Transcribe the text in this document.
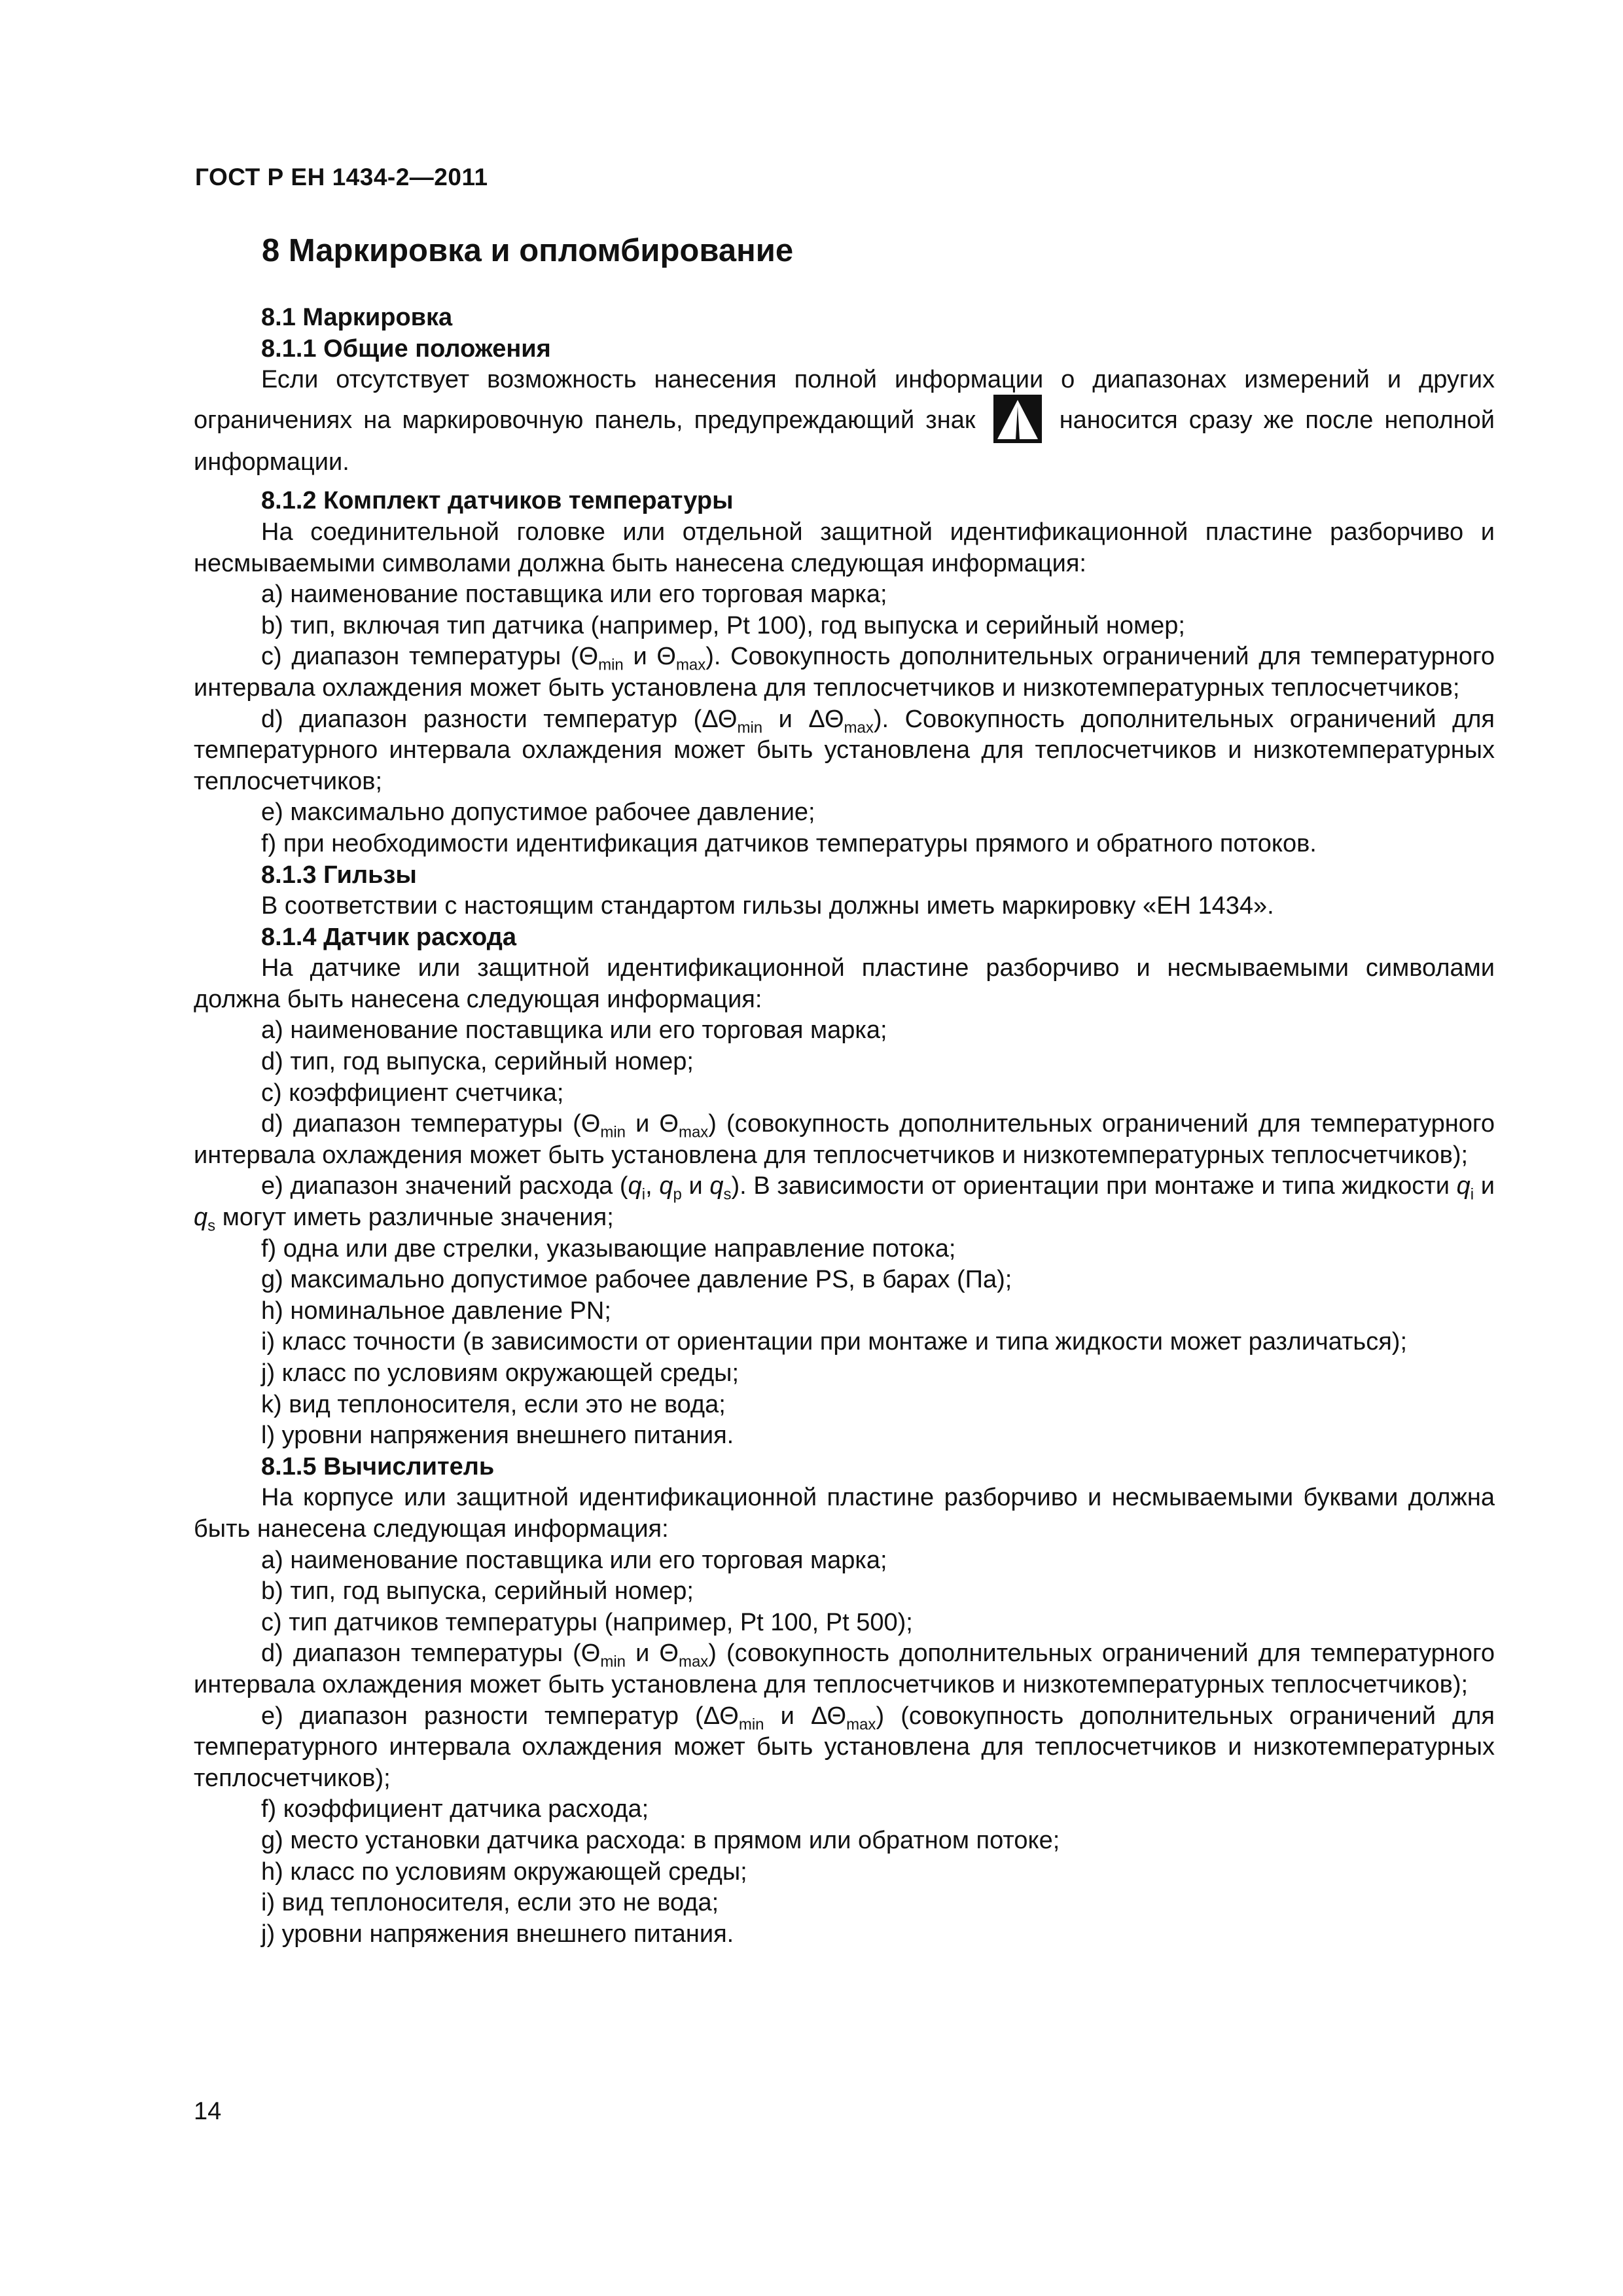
ГОСТ Р ЕН 1434-2—2011
8 Маркировка и опломбирование

8.1 Маркировка

8.1.1 Общие положения

Если отсутствует возможность нанесения полной информации о диапазонах измерений и других ограничениях на маркировочную панель, предупреждающий знак	наносится сразу же после неполной информации.

8.1.2 Комплект датчиков температуры

На соединительной головке или отдельной защитной идентификационной пластине разборчиво и несмываемыми символами должна быть нанесена следующая информация:

а) наименование поставщика или его торговая марка;

b) тип, включая тип датчика (например, Pt 100), год выпуска и серийный номер;

с) диапазон температуры ($\Theta_{min}$ и $\Theta_{max}$). Совокупность дополнительных ограничений для температурного интервала охлаждения может быть установлена для теплосчетчиков и низкотемпературных теплосчетчиков;

d) диапазон разности температур ($\Delta\Theta_{min}$ и $\Delta\Theta_{max}$). Совокупность дополнительных ограничений для температурного интервала охлаждения может быть установлена для теплосчетчиков и низкотемпературных теплосчетчиков;

е) максимально допустимое рабочее давление;

f) при необходимости идентификация датчиков температуры прямого и обратного потоков.

8.1.3 Гильзы

В соответствии с настоящим стандартом гильзы должны иметь маркировку «ЕН 1434».

8.1.4 Датчик расхода

На датчике или защитной идентификационной пластине разборчиво и несмываемыми символами должна быть нанесена следующая информация:

а) наименование поставщика или его торговая марка;

d) тип, год выпуска, серийный номер;

с) коэффициент счетчика;

d) диапазон температуры ($\Theta_{min}$ и $\Theta_{max}$) (совокупность дополнительных ограничений для температурного интервала охлаждения может быть установлена для теплосчетчиков и низкотемпературных теплосчетчиков);

е) диапазон значений расхода ($q_i$, $q_p$ и $q_s$). В зависимости от ориентации при монтаже и типа жидкости $q_i$ и $q_s$ могут иметь различные значения;

f) одна или две стрелки, указывающие направление потока;

g) максимально допустимое рабочее давление PS, в барах (Па);

h) номинальное давление PN;

i) класс точности (в зависимости от ориентации при монтаже и типа жидкости может различаться);

j) класс по условиям окружающей среды;

k) вид теплоносителя, если это не вода;

l) уровни напряжения внешнего питания.

8.1.5 Вычислитель

На корпусе или защитной идентификационной пластине разборчиво и несмываемыми буквами должна быть нанесена следующая информация:

а) наименование поставщика или его торговая марка;

b) тип, год выпуска, серийный номер;

с) тип датчиков температуры (например, Pt 100, Pt 500);

d) диапазон температуры ($\Theta_{min}$ и $\Theta_{max}$) (совокупность дополнительных ограничений для температурного интервала охлаждения может быть установлена для теплосчетчиков и низкотемпературных теплосчетчиков);

е) диапазон разности температур ($\Delta\Theta_{min}$ и $\Delta\Theta_{max}$) (совокупность дополнительных ограничений для температурного интервала охлаждения может быть установлена для теплосчетчиков и низкотемпературных теплосчетчиков);

f) коэффициент датчика расхода;

g) место установки датчика расхода: в прямом или обратном потоке;

h) класс по условиям окружающей среды;

i) вид теплоносителя, если это не вода;

j) уровни напряжения внешнего питания.

14
